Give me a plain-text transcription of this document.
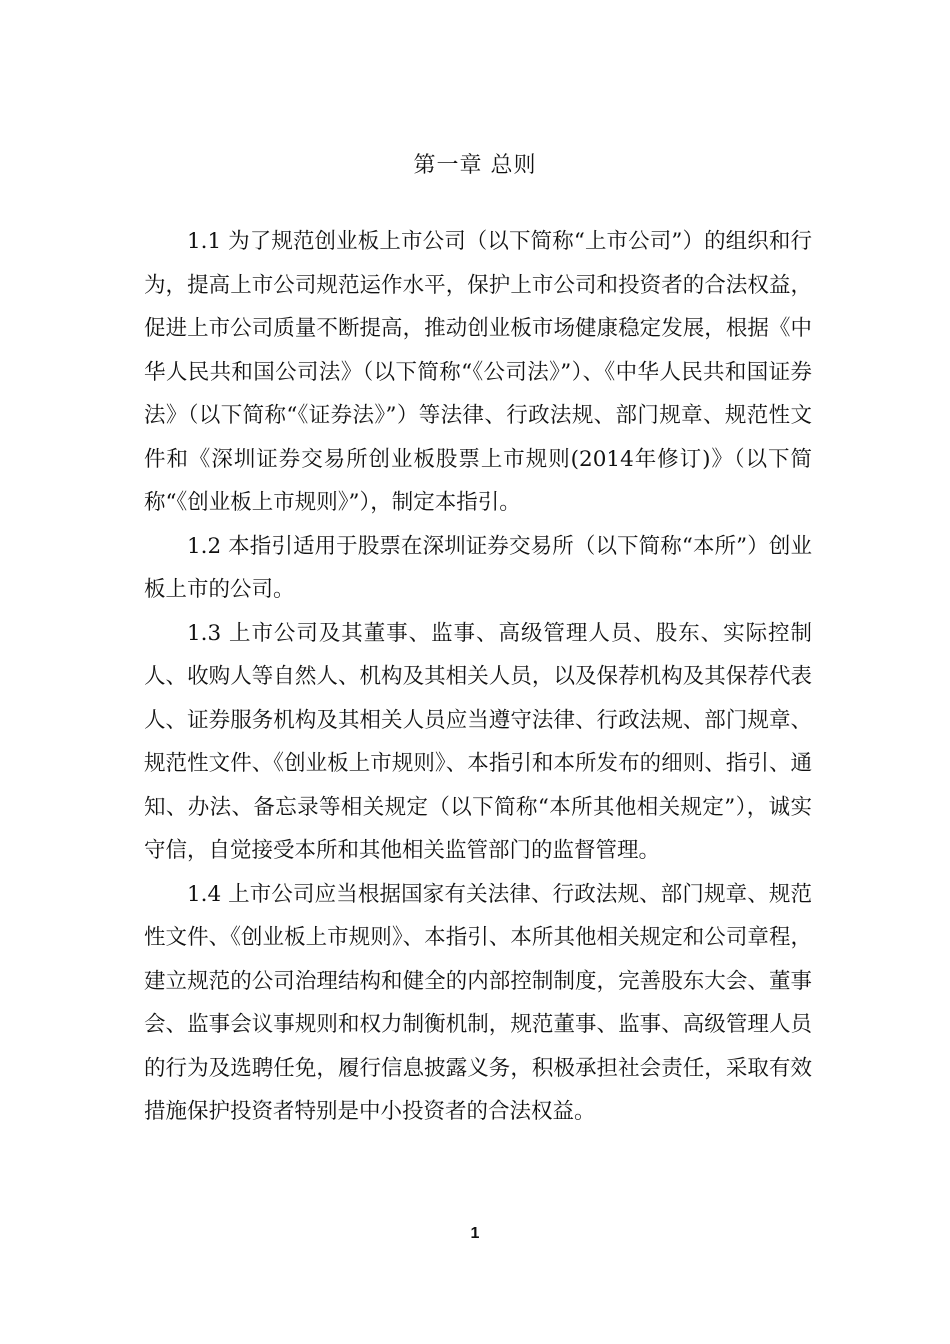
第一章 总则

1.1 为了规范创业板上市公司（以下简称“上市公司”）的组织和行为，提高上市公司规范运作水平，保护上市公司和投资者的合法权益，促进上市公司质量不断提高，推动创业板市场健康稳定发展，根据《中华人民共和国公司法》（以下简称“《公司法》”）、《中华人民共和国证券法》（以下简称“《证券法》”）等法律、行政法规、部门规章、规范性文件和《深圳证券交易所创业板股票上市规则(2014年修订)》（以下简称“《创业板上市规则》”），制定本指引。

1.2 本指引适用于股票在深圳证券交易所（以下简称“本所”）创业板上市的公司。

1.3 上市公司及其董事、监事、高级管理人员、股东、实际控制人、收购人等自然人、机构及其相关人员，以及保荐机构及其保荐代表人、证券服务机构及其相关人员应当遵守法律、行政法规、部门规章、规范性文件、《创业板上市规则》、本指引和本所发布的细则、指引、通知、办法、备忘录等相关规定（以下简称“本所其他相关规定”），诚实守信，自觉接受本所和其他相关监管部门的监督管理。

1.4 上市公司应当根据国家有关法律、行政法规、部门规章、规范性文件、《创业板上市规则》、本指引、本所其他相关规定和公司章程，建立规范的公司治理结构和健全的内部控制制度，完善股东大会、董事会、监事会议事规则和权力制衡机制，规范董事、监事、高级管理人员的行为及选聘任免，履行信息披露义务，积极承担社会责任，采取有效措施保护投资者特别是中小投资者的合法权益。

1
